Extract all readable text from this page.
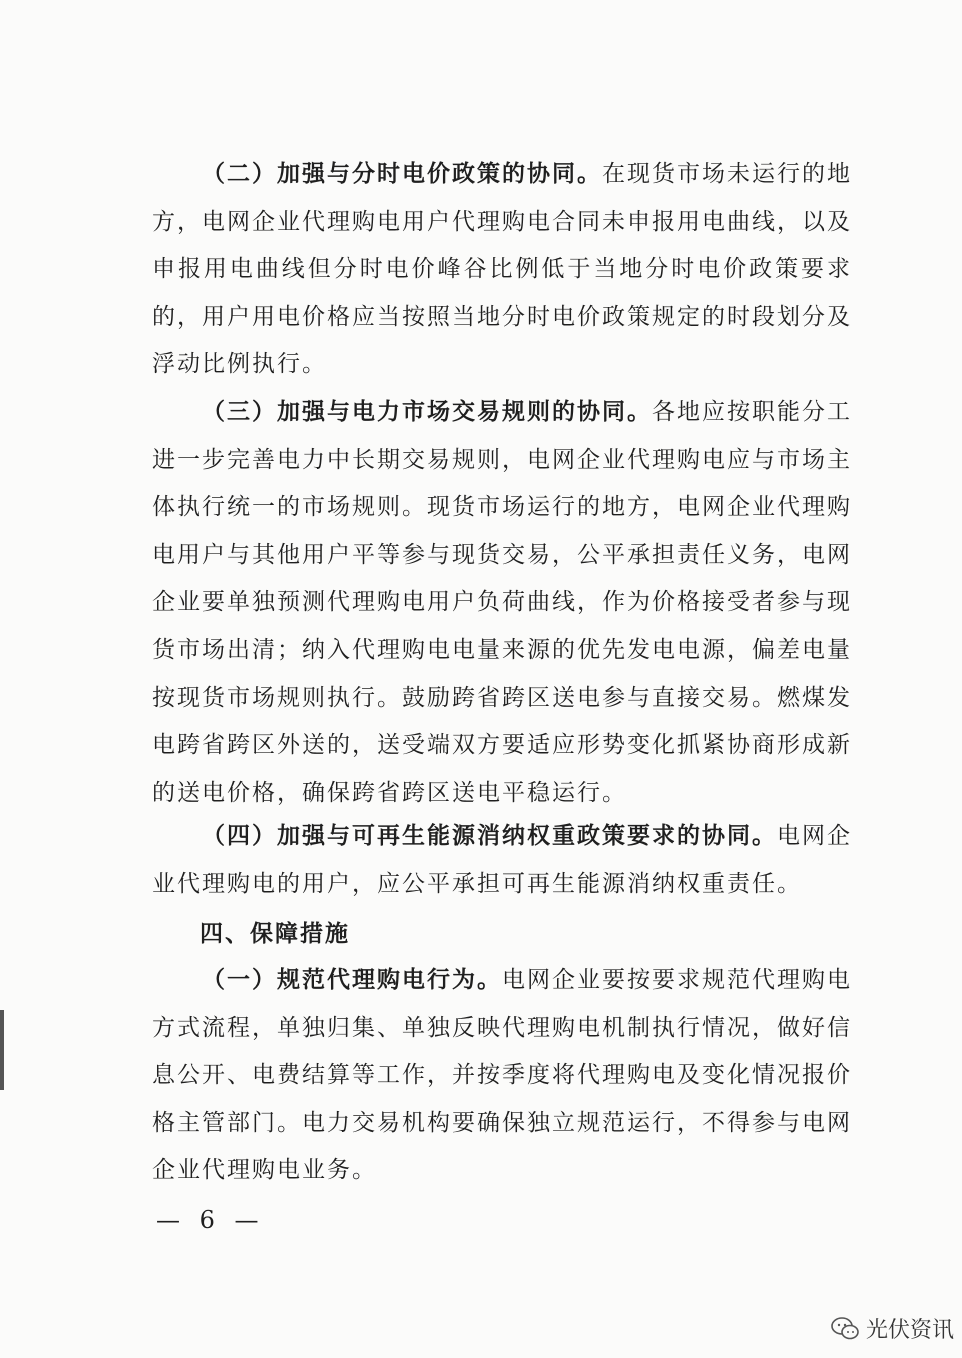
（二）加强与分时电价政策的协同。在现货市场未运行的地方，电网企业代理购电用户代理购电合同未申报用电曲线，以及申报用电曲线但分时电价峰谷比例低于当地分时电价政策要求的，用户用电价格应当按照当地分时电价政策规定的时段划分及浮动比例执行。

（三）加强与电力市场交易规则的协同。各地应按职能分工进一步完善电力中长期交易规则，电网企业代理购电应与市场主体执行统一的市场规则。现货市场运行的地方，电网企业代理购电用户与其他用户平等参与现货交易，公平承担责任义务，电网企业要单独预测代理购电用户负荷曲线，作为价格接受者参与现货市场出清；纳入代理购电电量来源的优先发电电源，偏差电量按现货市场规则执行。鼓励跨省跨区送电参与直接交易。燃煤发电跨省跨区外送的，送受端双方要适应形势变化抓紧协商形成新的送电价格，确保跨省跨区送电平稳运行。

（四）加强与可再生能源消纳权重政策要求的协同。电网企业代理购电的用户，应公平承担可再生能源消纳权重责任。

四、保障措施

（一）规范代理购电行为。电网企业要按要求规范代理购电方式流程，单独归集、单独反映代理购电机制执行情况，做好信息公开、电费结算等工作，并按季度将代理购电及变化情况报价格主管部门。电力交易机构要确保独立规范运行，不得参与电网企业代理购电业务。

— 6 —
光伏资讯
